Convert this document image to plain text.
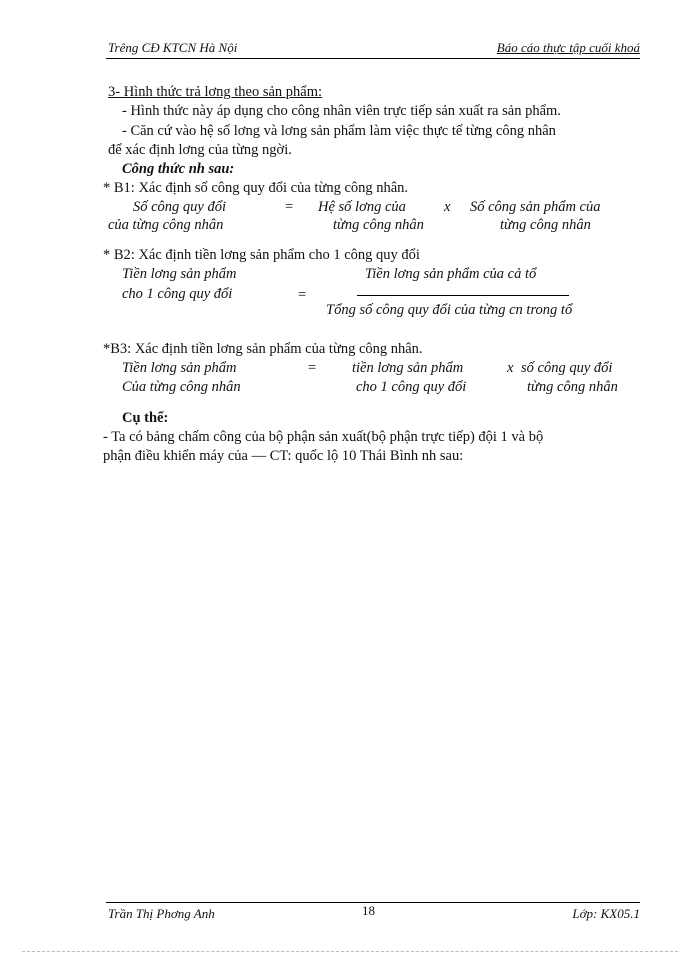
Trêng CĐ KTCN Hà Nội	Báo cáo thực tập cuối khoá
3- Hình thức trả lơng theo sản phẩm:
- Hình thức này áp dụng cho công nhân viên trực tiếp sản xuất ra sản phẩm.
- Căn cứ vào hệ số lơng và lơng sản phẩm làm việc thực tế từng công nhân
để xác định lơng của từng ngời.
Công thức nh sau:
* B1: Xác định số công quy đổi của từng công nhân.
Số công quy đổi
của từng công nhân
= Hệ số lơng của
từng công nhân
x Số công sản phẩm của
từng công nhân
* B2: Xác định tiền lơng sản phẩm cho 1 công quy đổi
Tiền lơng sản phẩm
cho 1 công quy đổi	=
Tiền lơng sản phẩm của cả tổ
Tổng số công quy đổi của từng cn trong tổ
*B3: Xác định tiền lơng sản phẩm của từng công nhân.
Tiền lơng sản phẩm
Của từng công nhân
= tiền lơng sản phẩm
cho 1 công quy đổi
x số công quy đổi
từng công nhân
Cụ thể:
- Ta có bảng chấm công của bộ phận sản xuất(bộ phận trực tiếp) đội 1 và bộ
phận điều khiển máy của — CT: quốc lộ 10 Thái Bình nh sau:
Trần Thị Phơng Anh	18	Lớp: KX05.1
